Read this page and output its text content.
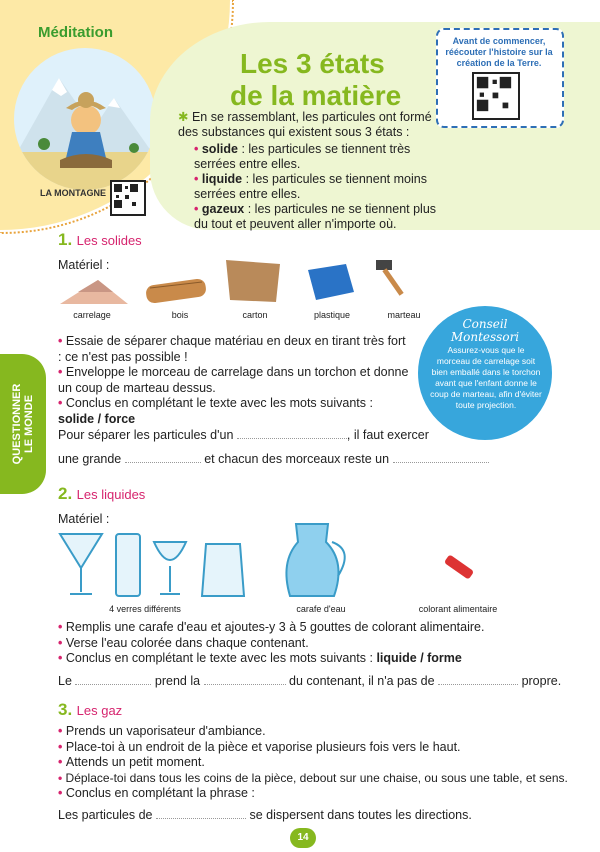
Méditation
LA MONTAGNE
Les 3 états
de la matière
Avant de commencer, réécouter l'histoire sur la création de la Terre.
✱ En se rassemblant, les particules ont formé des substances qui existent sous 3 états :
• solide : les particules se tiennent très serrées entre elles.
• liquide : les particules se tiennent moins serrées entre elles.
• gazeux : les particules ne se tiennent plus du tout et peuvent aller n'importe où.
QUESTIONNER
LE MONDE
1. Les solides
Matériel :
carrelage	bois	carton	plastique	marteau
• Essaie de séparer chaque matériau en deux en tirant très fort : ce n'est pas possible !
• Enveloppe le morceau de carrelage dans un torchon et donne un coup de marteau dessus.
• Conclus en complétant le texte avec les mots suivants :
solide / force
Conseil
Montessori
Assurez-vous que le morceau de carrelage soit bien emballé dans le torchon avant que l'enfant donne le coup de marteau, afin d'éviter toute projection.
Pour séparer les particules d'un	, il faut exercer
une grande	et chacun des morceaux reste un
2. Les liquides
Matériel :
4 verres différents	carafe d'eau	colorant alimentaire
• Remplis une carafe d'eau et ajoutes-y 3 à 5 gouttes de colorant alimentaire.
• Verse l'eau colorée dans chaque contenant.
• Conclus en complétant le texte avec les mots suivants : liquide / forme
Le	prend la	du contenant, il n'a pas de	propre.
3. Les gaz
• Prends un vaporisateur d'ambiance.
• Place-toi à un endroit de la pièce et vaporise plusieurs fois vers le haut.
• Attends un petit moment.
• Déplace-toi dans tous les coins de la pièce, debout sur une chaise, ou sous une table, et sens.
• Conclus en complétant la phrase :
Les particules de	se dispersent dans toutes les directions.
14
